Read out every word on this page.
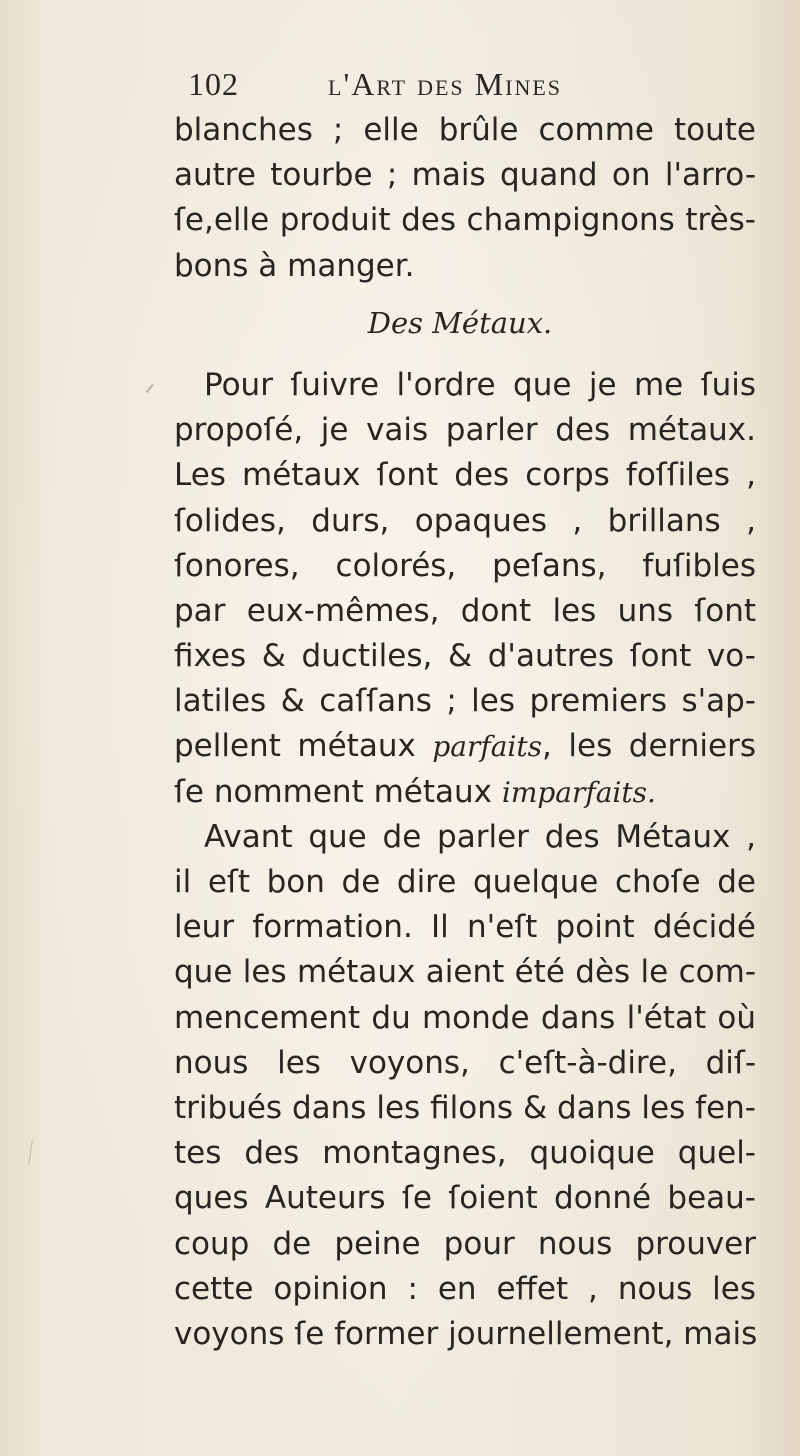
102	l'Art des Mines
blanches ; elle brûle comme toute
autre tourbe ; mais quand on l'arro-
ſe,elle produit des champignons très-
bons à manger.
Des Métaux.
Pour ſuivre l'ordre que je me ſuis
propoſé, je vais parler des métaux.
Les métaux ſont des corps foſſiles ,
ſolides, durs, opaques , brillans ,
ſonores, colorés, peſans, fuſibles
par eux-mêmes, dont les uns ſont
fixes & ductiles, & d'autres ſont vo-
latiles & caſſans ; les premiers s'ap-
pellent métaux parfaits, les derniers
ſe nomment métaux imparfaits.
Avant que de parler des Métaux ,
il eſt bon de dire quelque choſe de
leur formation. Il n'eſt point décidé
que les métaux aient été dès le com-
mencement du monde dans l'état où
nous les voyons, c'eſt-à-dire, diſ-
tribués dans les filons & dans les fen-
tes des montagnes, quoique quel-
ques Auteurs ſe ſoient donné beau-
coup de peine pour nous prouver
cette opinion : en effet , nous les
voyons ſe former journellement, mais
